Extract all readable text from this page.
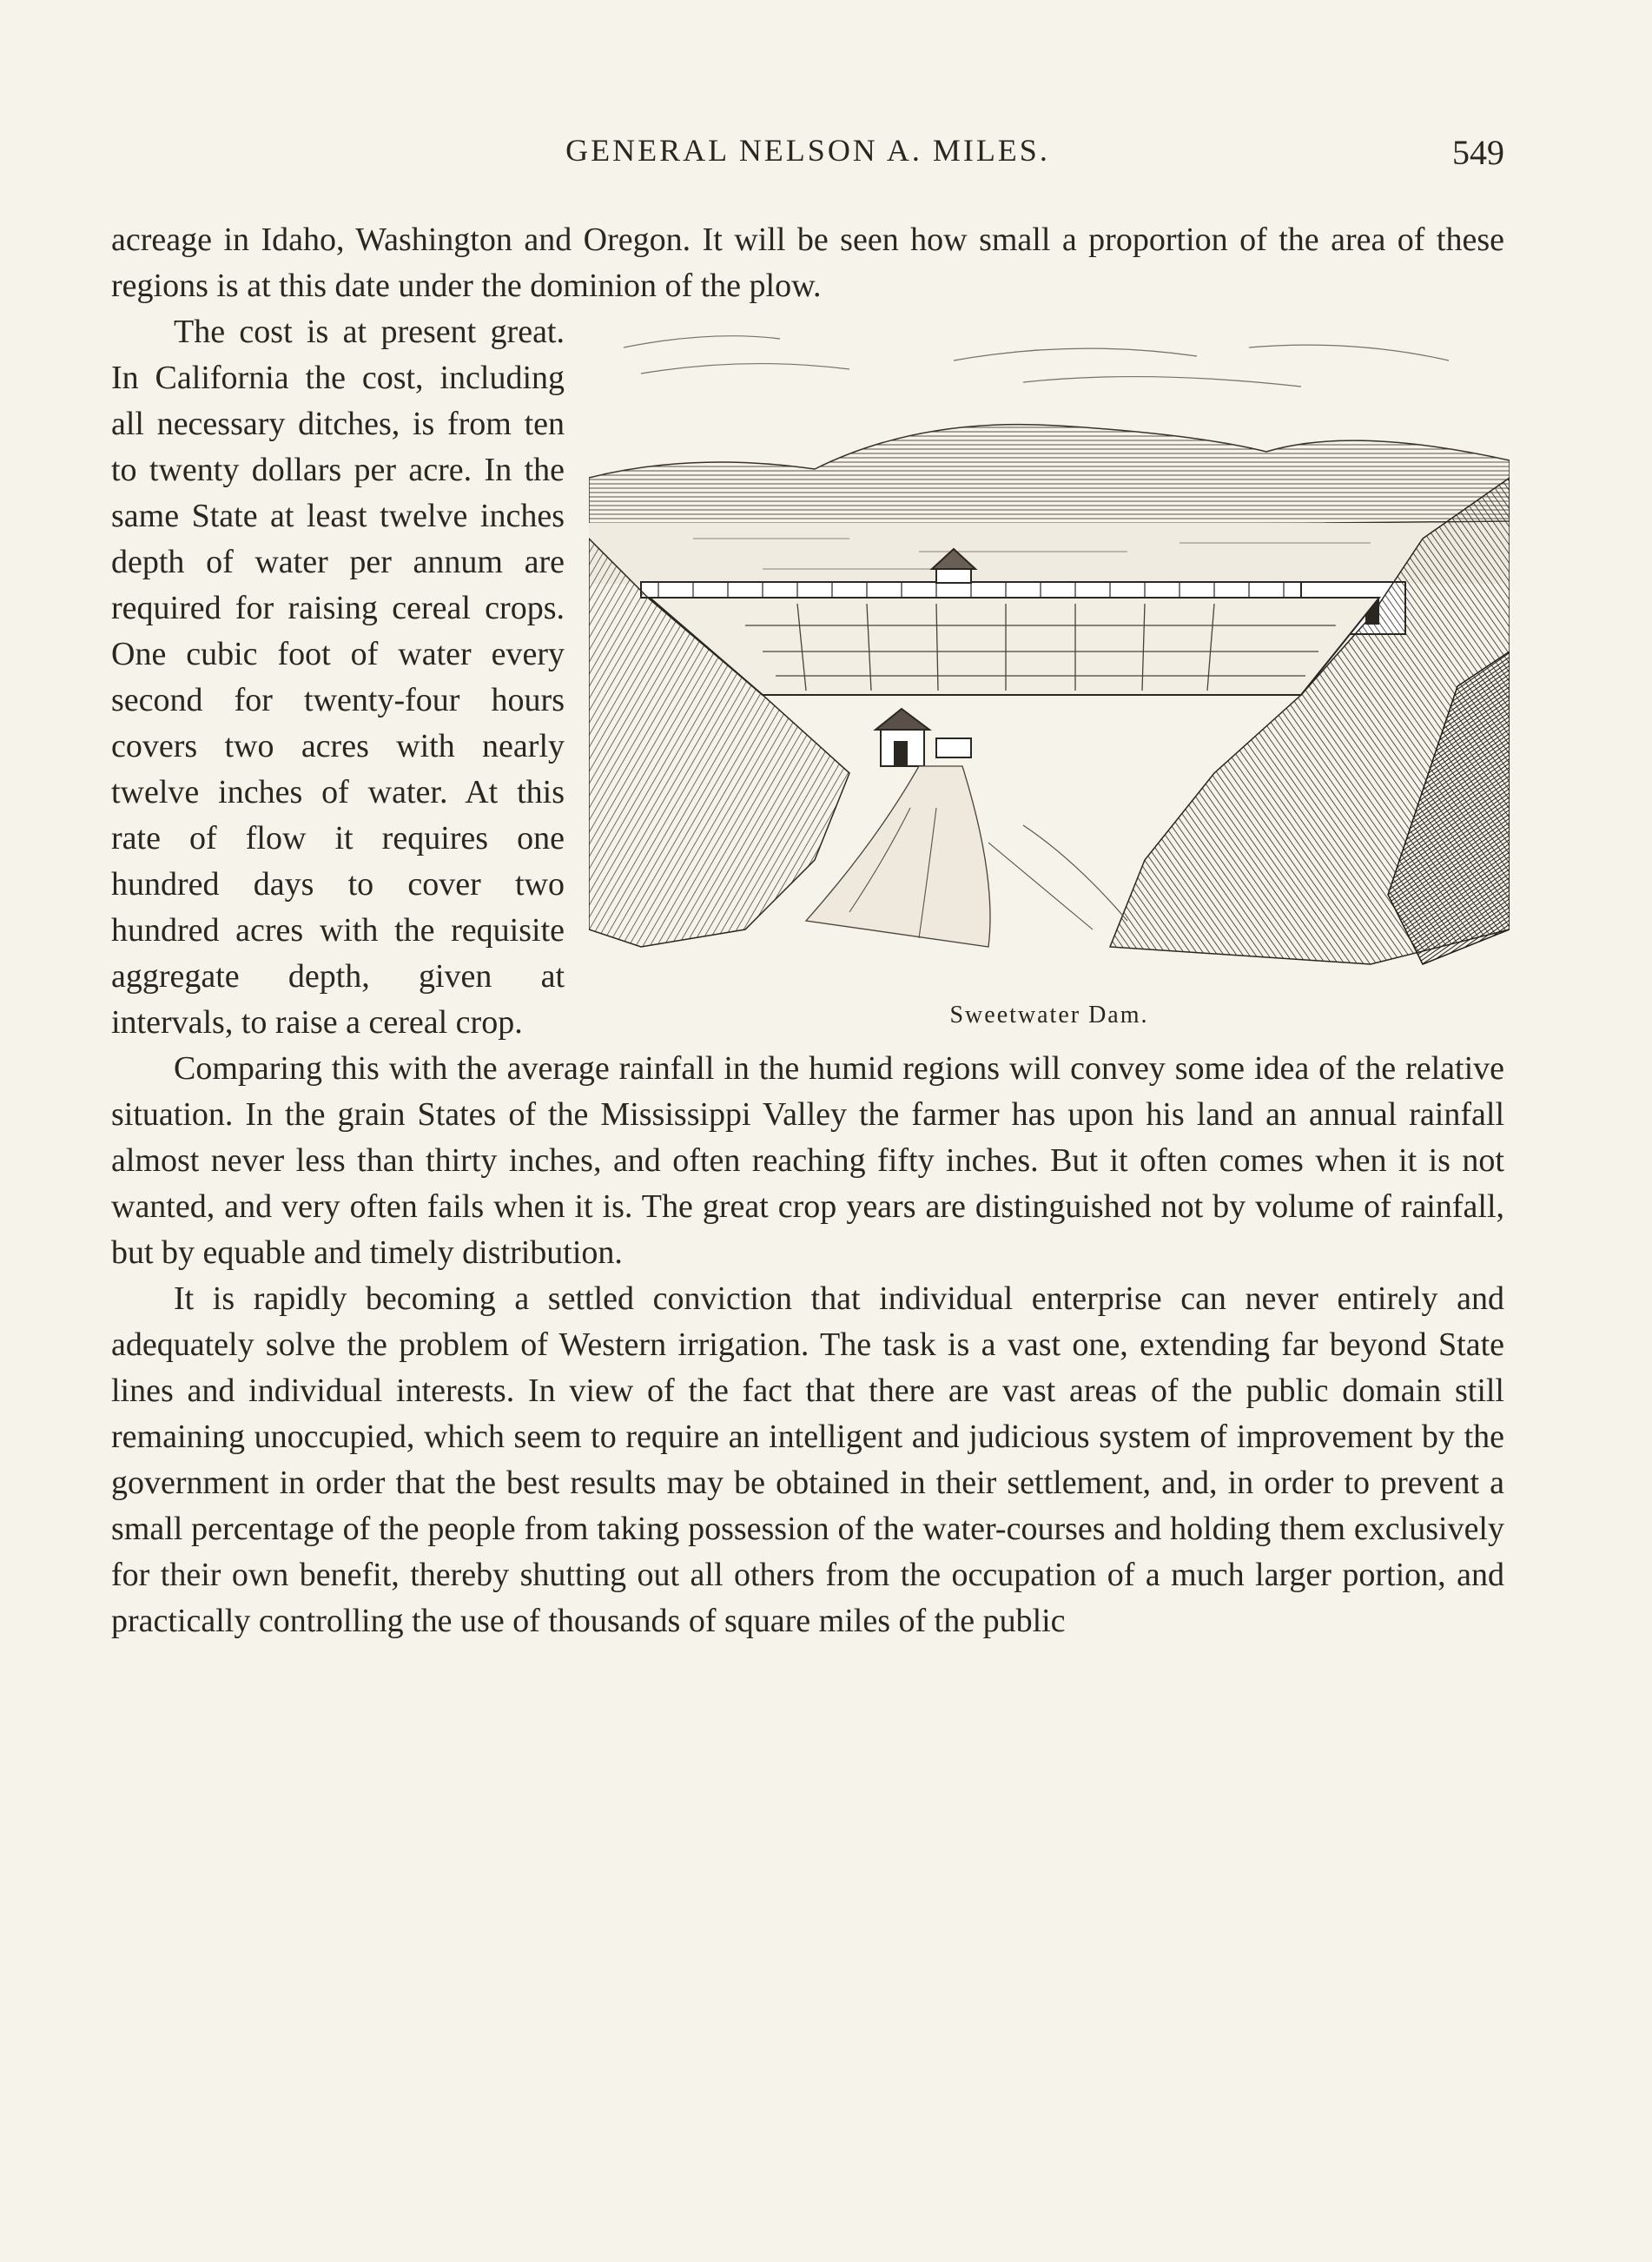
GENERAL NELSON A. MILES.	549

acreage in Idaho, Washington and Oregon. It will be seen how small a proportion of the area of these regions is at this date under the dominion of the plow.

Sweetwater Dam.

The cost is at present great. In California the cost, including all necessary ditches, is from ten to twenty dollars per acre. In the same State at least twelve inches depth of water per annum are required for raising cereal crops. One cubic foot of water every second for twenty-four hours covers two acres with nearly twelve inches of water. At this rate of flow it requires one hundred days to cover two hundred acres with the requisite aggregate depth, given at intervals, to raise a cereal crop.

Comparing this with the average rainfall in the humid regions will convey some idea of the relative situation. In the grain States of the Mississippi Valley the farmer has upon his land an annual rainfall almost never less than thirty inches, and often reaching fifty inches. But it often comes when it is not wanted, and very often fails when it is. The great crop years are distinguished not by volume of rainfall, but by equable and timely distribution.

It is rapidly becoming a settled conviction that individual enterprise can never entirely and adequately solve the problem of Western irrigation. The task is a vast one, extending far beyond State lines and individual interests. In view of the fact that there are vast areas of the public domain still remaining unoccupied, which seem to require an intelligent and judicious system of improvement by the government in order that the best results may be obtained in their settlement, and, in order to prevent a small percentage of the people from taking possession of the water-courses and holding them exclusively for their own benefit, thereby shutting out all others from the occupation of a much larger portion, and practically controlling the use of thousands of square miles of the public
